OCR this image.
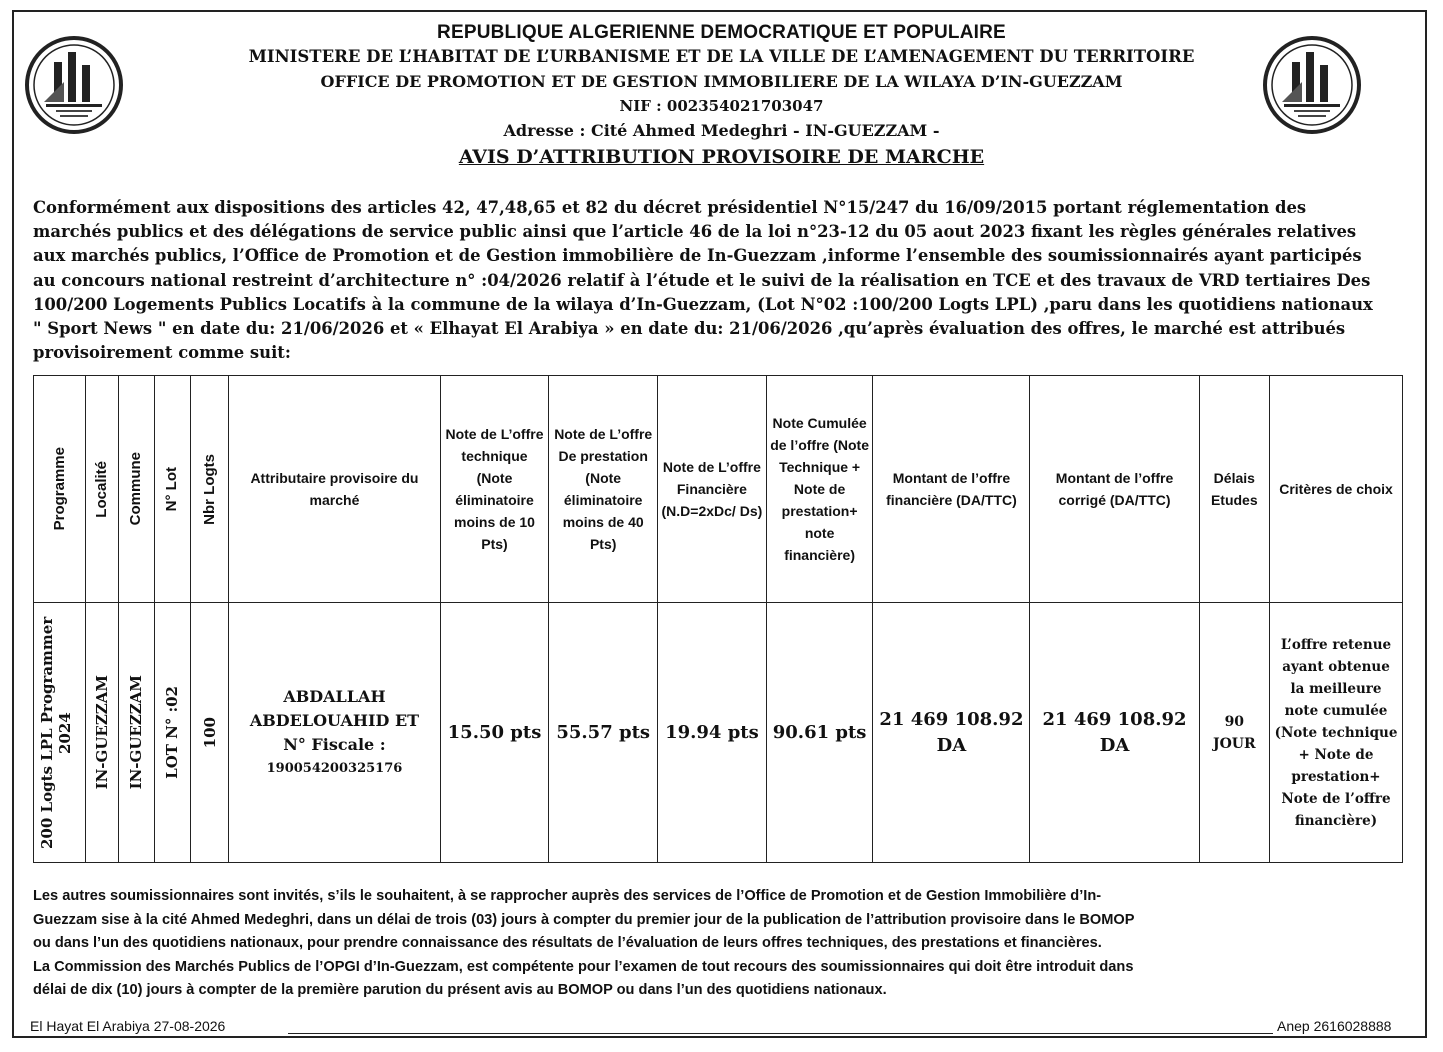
REPUBLIQUE ALGERIENNE DEMOCRATIQUE ET POPULAIRE
MINISTERE DE L’HABITAT DE L’URBANISME ET DE LA VILLE DE L’AMENAGEMENT DU TERRITOIRE
OFFICE DE PROMOTION ET DE GESTION IMMOBILIERE DE LA WILAYA D’IN-GUEZZAM
NIF : 002354021703047
Adresse : Cité Ahmed Medeghri - IN-GUEZZAM -
AVIS D’ATTRIBUTION PROVISOIRE DE MARCHE
Conformément aux dispositions des articles 42, 47,48,65 et 82 du décret présidentiel N°15/247 du 16/09/2015 portant réglementation des
marchés publics et des délégations de service public ainsi que l’article 46 de la loi n°23-12 du 05 aout 2023 fixant les règles générales relatives
aux marchés publics, l’Office de Promotion et de Gestion immobilière de In-Guezzam ,informe l’ensemble des soumissionnairés ayant participés
au concours national restreint d’architecture n° :04/2026 relatif à l’étude et le suivi de la réalisation en TCE et des travaux de VRD tertiaires Des
100/200 Logements Publics Locatifs à la commune de la wilaya d’In-Guezzam, (Lot N°02 :100/200 Logts LPL) ,paru dans les quotidiens nationaux
" Sport News " en date du: 21/06/2026 et « Elhayat El Arabiya » en date du: 21/06/2026 ,qu’après évaluation des offres, le marché est attribués
provisoirement comme suit:
Programme	Localité	Commune	N° Lot	Nbr Logts	Attributaire provisoire du marché	Note de L’offre technique (Note éliminatoire moins de 10 Pts)	Note de L’offre De prestation (Note éliminatoire moins de 40 Pts)	Note de L’offre Financière (N.D=2xDc/ Ds)	Note Cumulée de l’offre (Note Technique + Note de prestation+ note financière)	Montant de l’offre financière (DA/TTC)	Montant de l’offre corrigé (DA/TTC)	Délais Etudes	Critères de choix

200 Logts LPL Programmer 2024	IN-GUEZZAM	IN-GUEZZAM	LOT N° :02	100	ABDALLAH ABDELOUAHID ET
N° Fiscale :
190054200325176	15.50 pts	55.57 pts	19.94 pts	90.61 pts	21 469 108.92 DA	21 469 108.92 DA	90 JOUR	L’offre retenue ayant obtenue la meilleure note cumulée (Note technique + Note de prestation+ Note de l’offre financière)
Les autres soumissionnaires sont invités, s’ils le souhaitent, à se rapprocher auprès des services de l’Office de Promotion et de Gestion Immobilière d’In-
Guezzam sise à la cité Ahmed Medeghri, dans un délai de trois (03) jours à compter du premier jour de la publication de l’attribution provisoire dans le BOMOP
ou dans l’un des quotidiens nationaux, pour prendre connaissance des résultats de l’évaluation de leurs offres techniques, des prestations et financières.
La Commission des Marchés Publics de l’OPGI d’In-Guezzam, est compétente pour l’examen de tout recours des soumissionnaires qui doit être introduit dans
délai de dix (10) jours à compter de la première parution du présent avis au BOMOP ou dans l’un des quotidiens nationaux.
El Hayat El Arabiya 27-08-2026	Anep 2616028888
